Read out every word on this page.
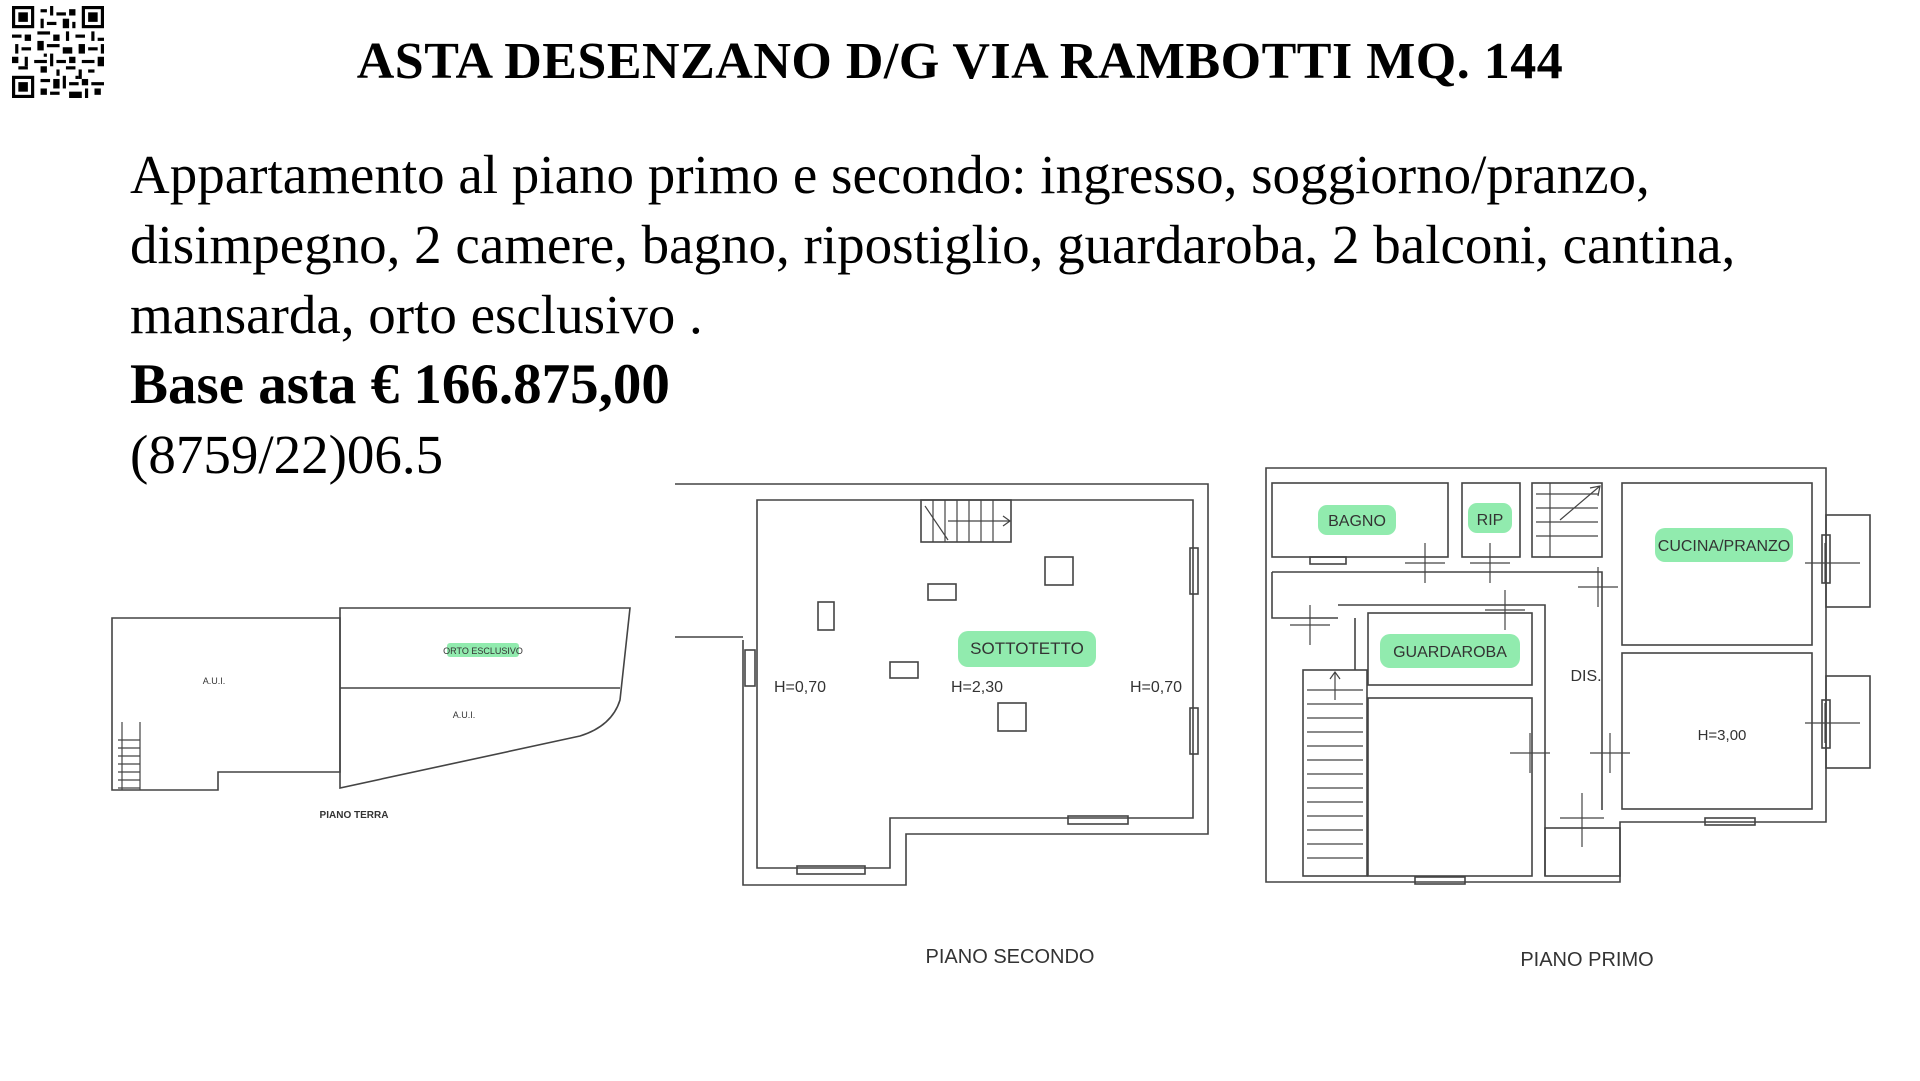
ASTA DESENZANO D/G VIA RAMBOTTI MQ. 144
Appartamento al piano primo e secondo: ingresso, soggiorno/pranzo, disimpegno, 2 camere, bagno, ripostiglio, guardaroba, 2 balconi, cantina, mansarda, orto esclusivo .
Base asta € 166.875,00
(8759/22)06.5
ORTO ESCLUSIVO
A.U.I.
A.U.I.
PIANO TERRA
SOTTOTETTO
H=0,70	H=2,30	H=0,70
PIANO SECONDO
BAGNO	RIP
CUCINA/PRANZO
GUARDAROBA
DIS.
H=3,00
PIANO PRIMO
